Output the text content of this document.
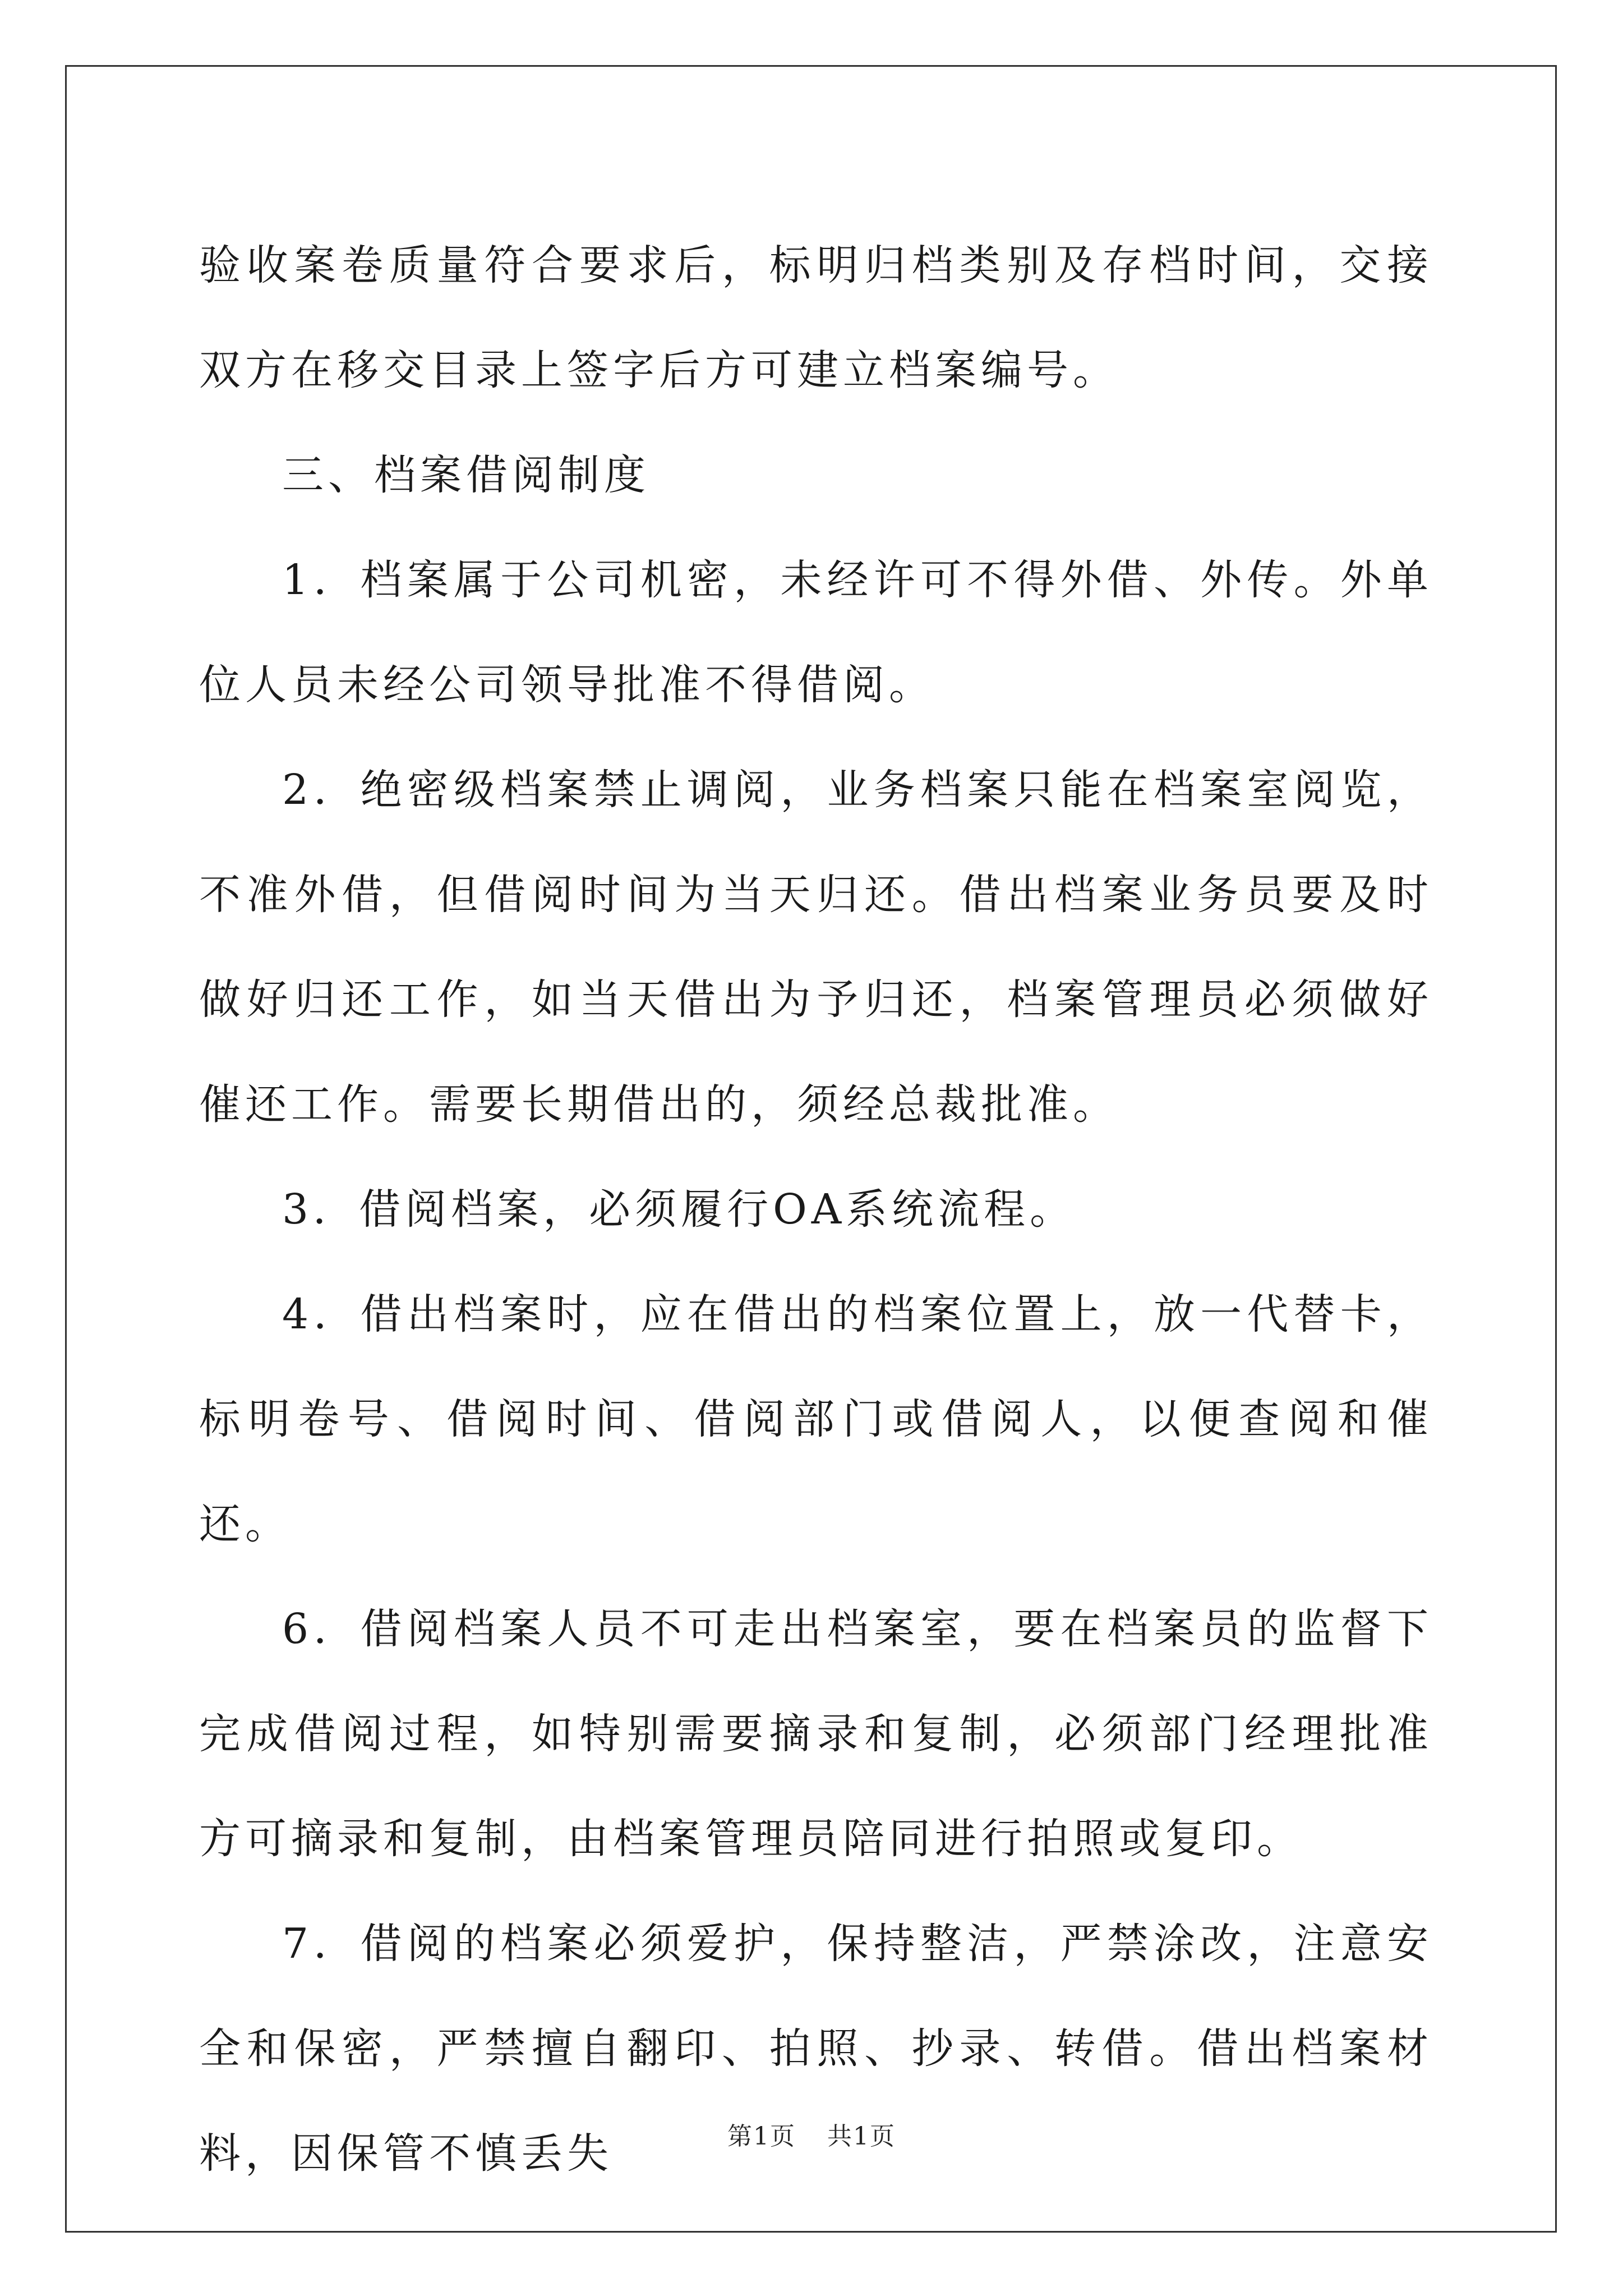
验收案卷质量符合要求后，标明归档类别及存档时间，交接双方在移交目录上签字后方可建立档案编号。

三、档案借阅制度

1．档案属于公司机密，未经许可不得外借、外传。外单位人员未经公司领导批准不得借阅。

2．绝密级档案禁止调阅，业务档案只能在档案室阅览，不准外借，但借阅时间为当天归还。借出档案业务员要及时做好归还工作，如当天借出为予归还，档案管理员必须做好催还工作。需要长期借出的，须经总裁批准。

3．借阅档案，必须履行OA系统流程。

4．借出档案时，应在借出的档案位置上，放一代替卡，标明卷号、借阅时间、借阅部门或借阅人，以便查阅和催还。

6．借阅档案人员不可走出档案室，要在档案员的监督下完成借阅过程，如特别需要摘录和复制，必须部门经理批准方可摘录和复制，由档案管理员陪同进行拍照或复印。

7．借阅的档案必须爱护，保持整洁，严禁涂改，注意安全和保密，严禁擅自翻印、拍照、抄录、转借。借出档案材料，因保管不慎丢失	第1页 共1页
